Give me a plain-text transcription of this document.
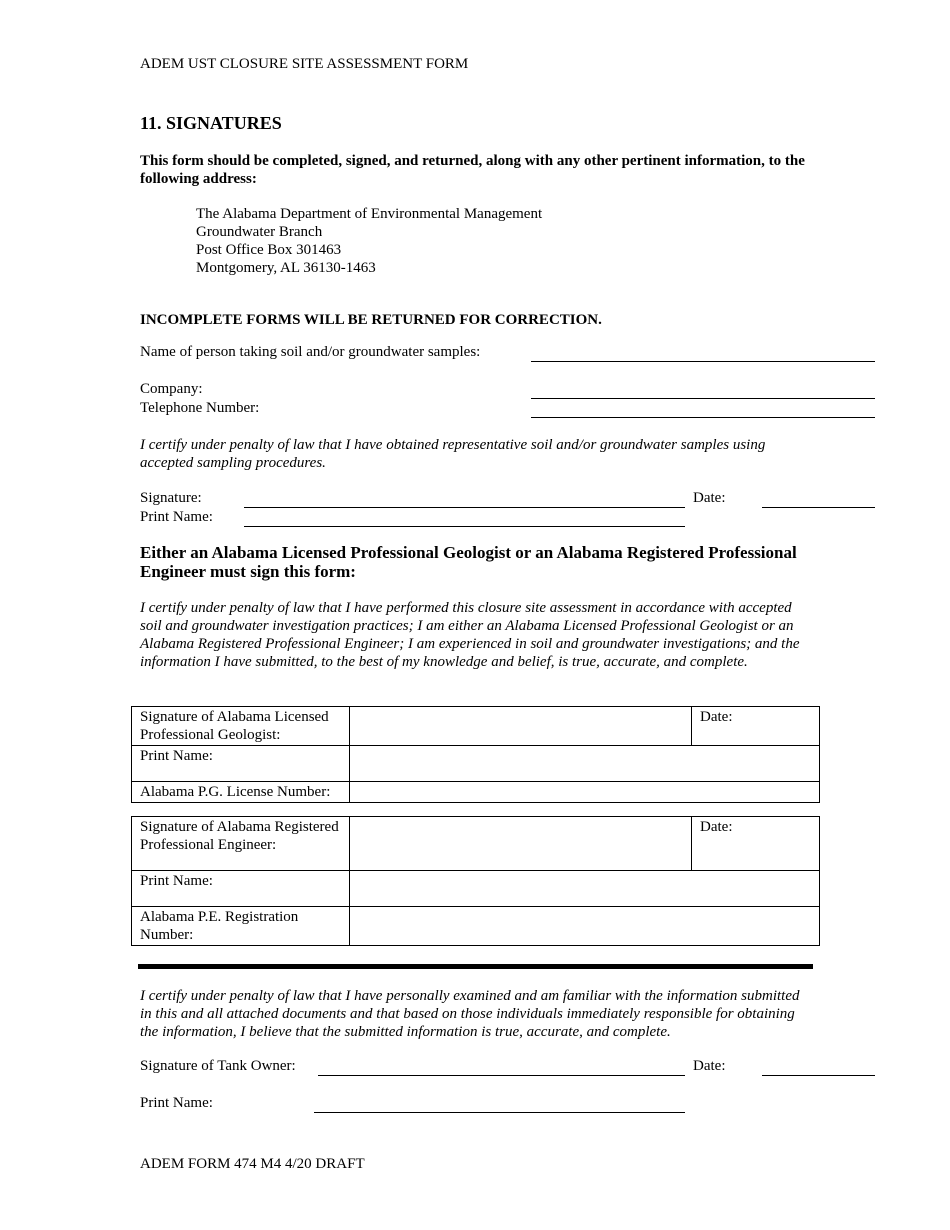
ADEM UST CLOSURE SITE ASSESSMENT FORM
11. SIGNATURES
This form should be completed, signed, and returned, along with any other pertinent information, to the following address:
The Alabama Department of Environmental Management
Groundwater Branch
Post Office Box 301463
Montgomery, AL 36130-1463
INCOMPLETE FORMS WILL BE RETURNED FOR CORRECTION.
Name of person taking soil and/or groundwater samples:
Company:
Telephone Number:
I certify under penalty of law that I have obtained representative soil and/or groundwater samples using accepted sampling procedures.
Signature:	Date:
Print Name:
Either an Alabama Licensed Professional Geologist or an Alabama Registered Professional Engineer must sign this form:
I certify under penalty of law that I have performed this closure site assessment in accordance with accepted soil and groundwater investigation practices; I am either an Alabama Licensed Professional Geologist or an Alabama Registered Professional Engineer; I am experienced in soil and groundwater investigations; and the information I have submitted, to the best of my knowledge and belief, is true, accurate, and complete.
Signature of Alabama Licensed Professional Geologist:		Date:
Print Name:		
Alabama P.G. License Number:		
Signature of Alabama Registered Professional Engineer:		Date:
Print Name:		
Alabama P.E. Registration Number:		
I certify under penalty of law that I have personally examined and am familiar with the information submitted in this and all attached documents and that based on those individuals immediately responsible for obtaining the information, I believe that the submitted information is true, accurate, and complete.
Signature of Tank Owner:	Date:
Print Name:
ADEM FORM 474 M4 4/20 DRAFT
